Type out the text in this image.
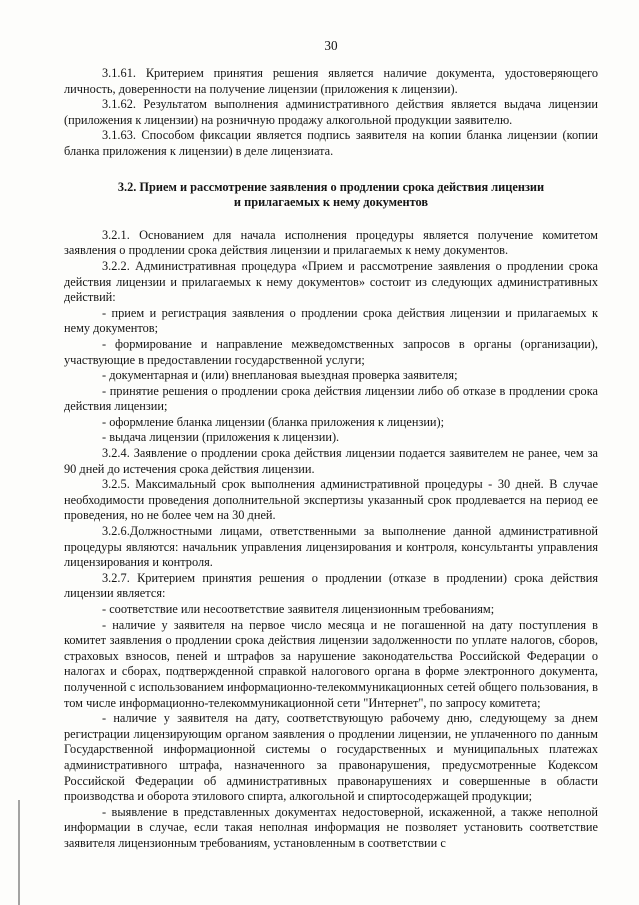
30

3.1.61. Критерием принятия решения является наличие документа, удостоверяющего личность, доверенности на получение лицензии (приложения к лицензии).

3.1.62. Результатом выполнения административного действия является выдача лицензии (приложения к лицензии) на розничную продажу алкогольной продукции заявителю.

3.1.63. Способом фиксации является подпись заявителя на копии бланка лицензии (копии бланка приложения к лицензии) в деле лицензиата.

3.2. Прием и рассмотрение заявления о продлении срока действия лицензии
и прилагаемых к нему документов

3.2.1. Основанием для начала исполнения процедуры является получение комитетом заявления о продлении срока действия лицензии и прилагаемых к нему документов.

3.2.2. Административная процедура «Прием и рассмотрение заявления о продлении срока действия лицензии и прилагаемых к нему документов» состоит из следующих административных действий:

- прием и регистрация заявления о продлении срока действия лицензии и прилагаемых к нему документов;

- формирование и направление межведомственных запросов в органы (организации), участвующие в предоставлении государственной услуги;

- документарная и (или) внеплановая выездная проверка заявителя;

- принятие решения о продлении срока действия лицензии либо об отказе в продлении срока действия лицензии;

- оформление бланка лицензии (бланка приложения к лицензии);

- выдача лицензии (приложения к лицензии).

3.2.4. Заявление о продлении срока действия лицензии подается заявителем не ранее, чем за 90 дней до истечения срока действия лицензии.

3.2.5. Максимальный срок выполнения административной процедуры - 30 дней. В случае необходимости проведения дополнительной экспертизы указанный срок продлевается на период ее проведения, но не более чем на 30 дней.

3.2.6.Должностными лицами, ответственными за выполнение данной административной процедуры являются: начальник управления лицензирования и контроля, консультанты управления лицензирования и контроля.

3.2.7. Критерием принятия решения о продлении (отказе в продлении) срока действия лицензии является:

- соответствие или несоответствие заявителя лицензионным требованиям;

- наличие у заявителя на первое число месяца и не погашенной на дату поступления в комитет заявления о продлении срока действия лицензии задолженности по уплате налогов, сборов, страховых взносов, пеней и штрафов за нарушение законодательства Российской Федерации о налогах и сборах, подтвержденной справкой налогового органа в форме электронного документа, полученной с использованием информационно-телекоммуникационных сетей общего пользования, в том числе информационно-телекоммуникационной сети "Интернет", по запросу комитета;

- наличие у заявителя на дату, соответствующую рабочему дню, следующему за днем регистрации лицензирующим органом заявления о продлении лицензии, не уплаченного по данным Государственной информационной системы о государственных и муниципальных платежах административного штрафа, назначенного за правонарушения, предусмотренные Кодексом Российской Федерации об административных правонарушениях и совершенные в области производства и оборота этилового спирта, алкогольной и спиртосодержащей продукции;

- выявление в представленных документах недостоверной, искаженной, а также неполной информации в случае, если такая неполная информация не позволяет установить соответствие заявителя лицензионным требованиям, установленным в соответствии с
